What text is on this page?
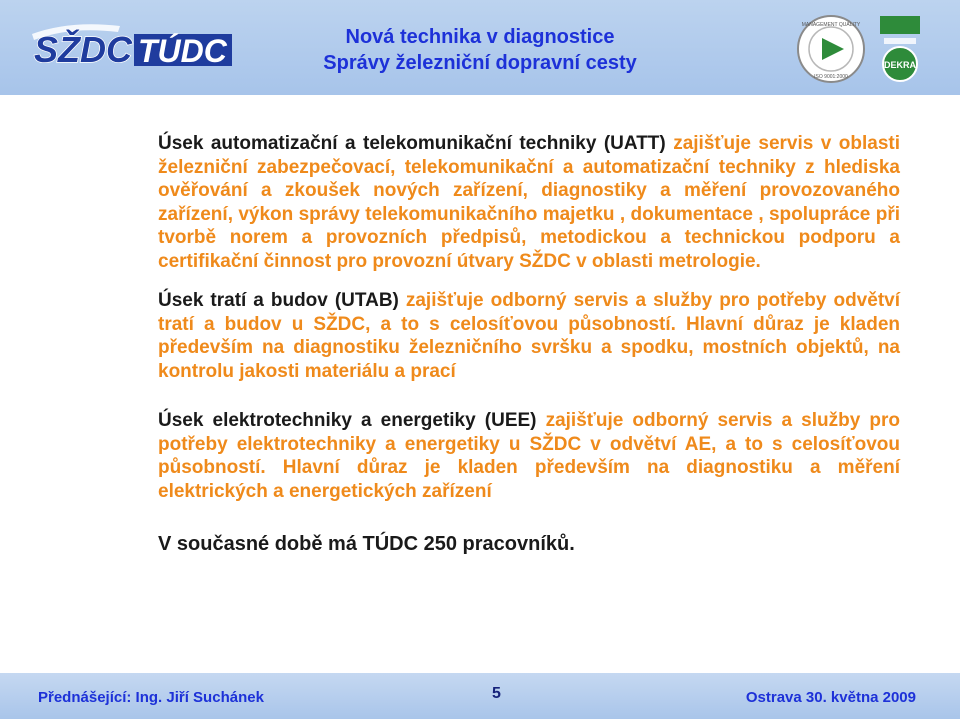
SŽDC TÚDC	Nová technika v diagnostice
Správy železniční dopravní cesty
MANAGEMENT QUALITY
ISO 9001:2000
DEKRA

Úsek automatizační a telekomunikační techniky (UATT) zajišťuje servis v oblasti železniční zabezpečovací, telekomunikační a automatizační techniky z hlediska ověřování a zkoušek nových zařízení, diagnostiky a měření provozovaného zařízení, výkon správy telekomunikačního majetku , dokumentace , spolupráce při tvorbě norem a provozních předpisů, metodickou a technickou podporu a certifikační činnost pro provozní útvary SŽDC v oblasti metrologie.

Úsek tratí a budov (UTAB) zajišťuje odborný servis a služby pro potřeby odvětví tratí a budov u SŽDC, a to s celosíťovou působností. Hlavní důraz je kladen především na diagnostiku železničního svršku a spodku, mostních objektů, na kontrolu jakosti materiálu a prací

Úsek elektrotechniky a energetiky (UEE) zajišťuje odborný servis a služby pro potřeby elektrotechniky a energetiky u SŽDC v odvětví AE, a to s celosíťovou působností. Hlavní důraz je kladen především na diagnostiku a měření elektrických a energetických zařízení

V současné době má TÚDC 250 pracovníků.

Přednášející: Ing. Jiří Suchánek	5	Ostrava 30. května 2009
